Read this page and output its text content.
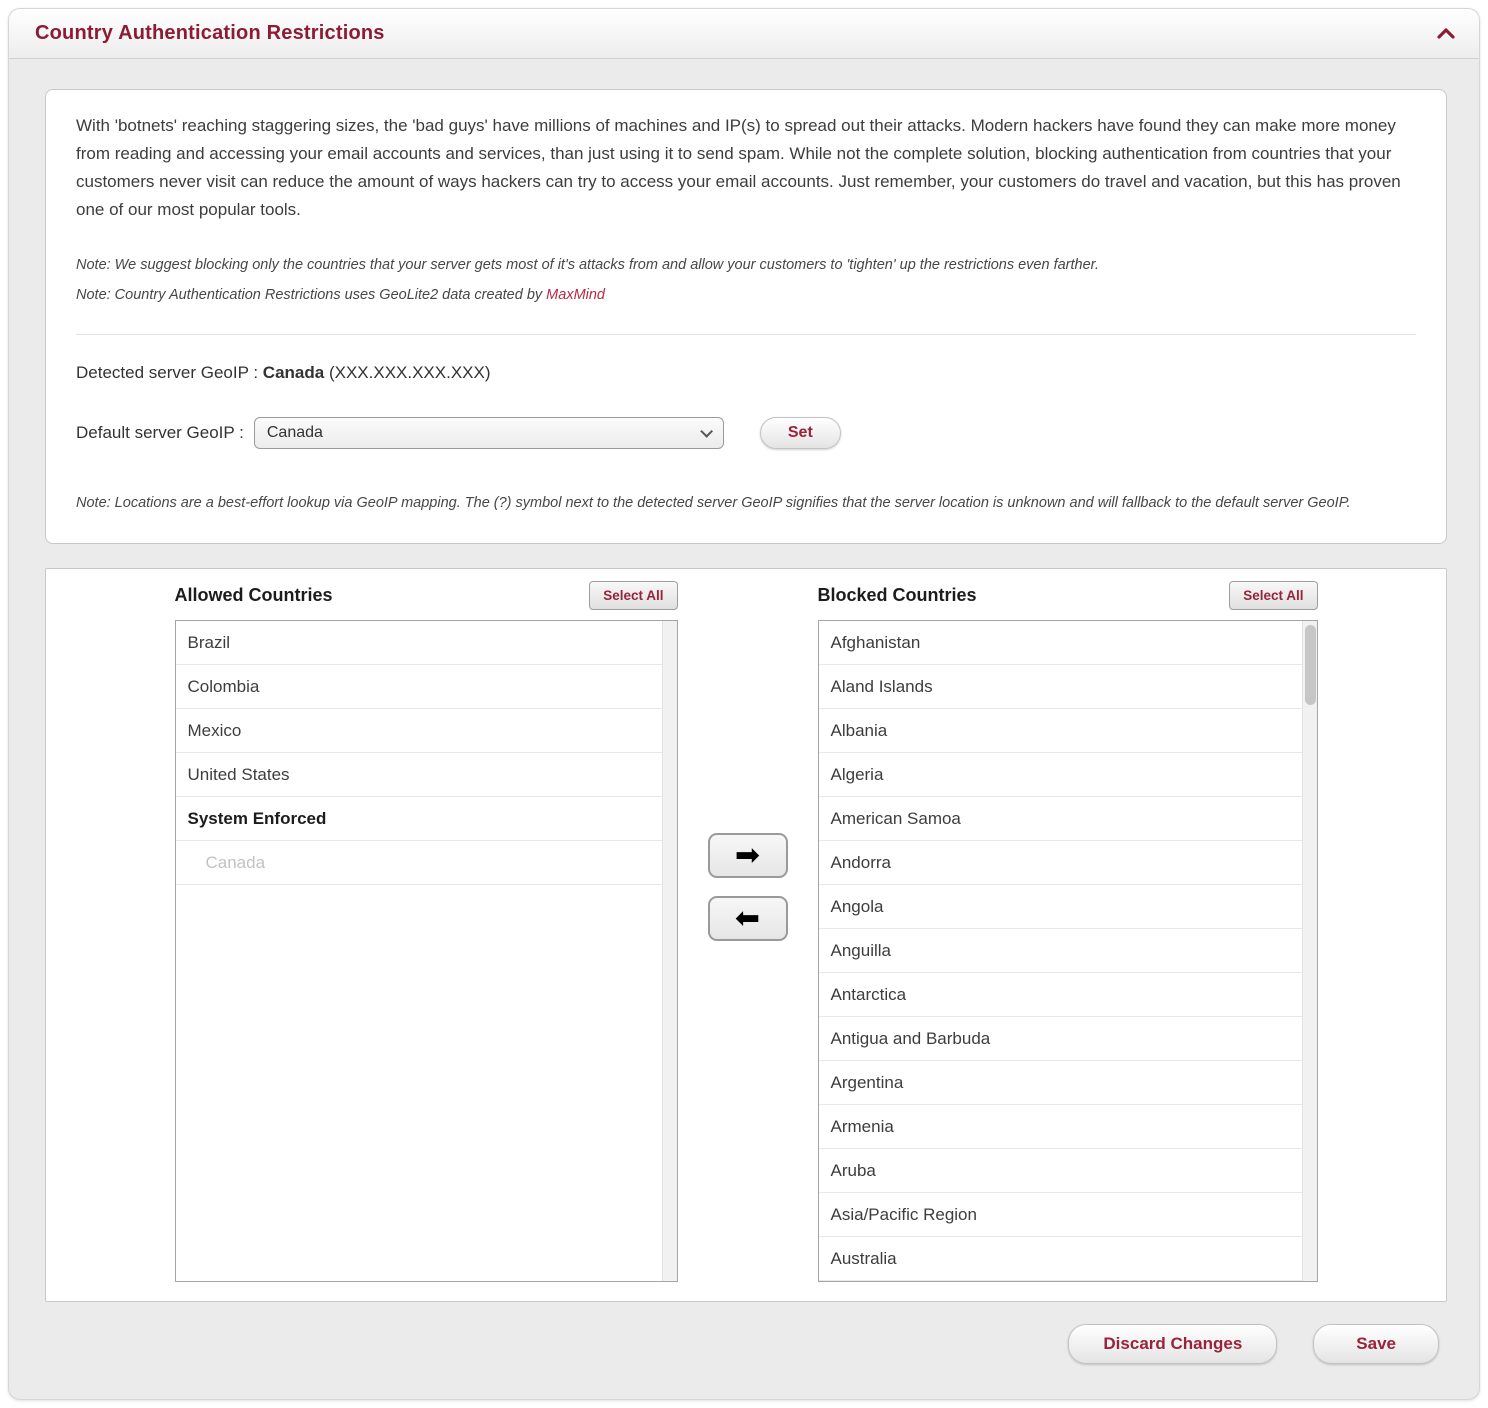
Country Authentication Restrictions

With 'botnets' reaching staggering sizes, the 'bad guys' have millions of machines and IP(s) to spread out their attacks. Modern hackers have found they can make more money from reading and accessing your email accounts and services, than just using it to send spam. While not the complete solution, blocking authentication from countries that your customers never visit can reduce the amount of ways hackers can try to access your email accounts. Just remember, your customers do travel and vacation, but this has proven one of our most popular tools.

Note: We suggest blocking only the countries that your server gets most of it's attacks from and allow your customers to 'tighten' up the restrictions even farther.
Note: Country Authentication Restrictions uses GeoLite2 data created by MaxMind
Detected server GeoIP : Canada (XXX.XXX.XXX.XXX)
Default server GeoIP : Canada	Set
Note: Locations are a best-effort lookup via GeoIP mapping. The (?) symbol next to the detected server GeoIP signifies that the server location is unknown and will fallback to the default server GeoIP.
Allowed Countries	Select All
Brazil
Colombia
Mexico
United States
System Enforced
Canada	➡
⬅
Blocked Countries	Select All
Afghanistan
Aland Islands
Albania
Algeria
American Samoa
Andorra
Angola
Anguilla
Antarctica
Antigua and Barbuda
Argentina
Armenia
Aruba
Asia/Pacific Region
Australia
Discard Changes	Save
